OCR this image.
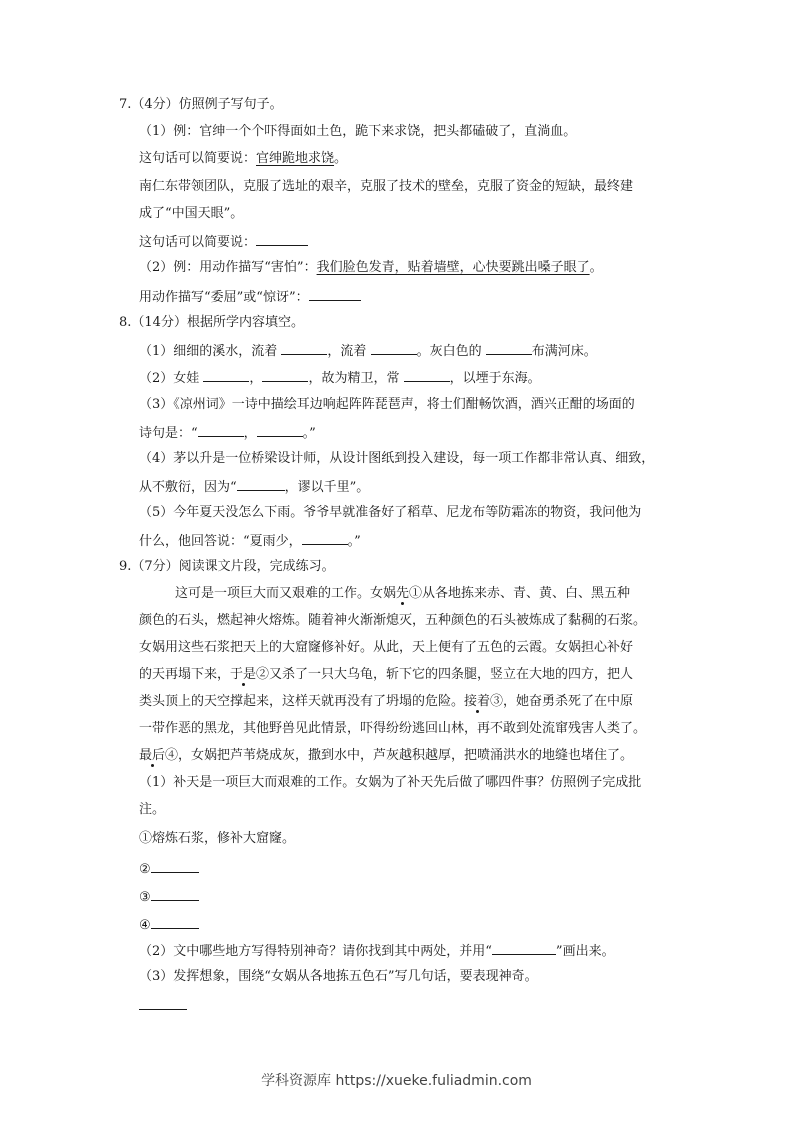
7.（4分）仿照例子写句子。
（1）例：官绅一个个吓得面如土色，跪下来求饶，把头都磕破了，直淌血。
这句话可以简要说：官绅跪地求饶。
南仁东带领团队，克服了选址的艰辛，克服了技术的壁垒，克服了资金的短缺，最终建
成了“中国天眼”。
这句话可以简要说：
（2）例：用动作描写“害怕”：我们脸色发青，贴着墙壁，心快要跳出嗓子眼了。
用动作描写“委屈”或“惊讶”：
8.（14分）根据所学内容填空。
（1）细细的溪水，流着	，流着	。灰白色的	布满河床。
（2）女娃	，	，故为精卫，常	，以堙于东海。
（3）《凉州词》一诗中描绘耳边响起阵阵琵琶声，将士们酣畅饮酒，酒兴正酣的场面的
诗句是：“	，	。”
（4）茅以升是一位桥梁设计师，从设计图纸到投入建设，每一项工作都非常认真、细致，
从不敷衍，因为“	，谬以千里”。
（5）今年夏天没怎么下雨。爷爷早就准备好了稻草、尼龙布等防霜冻的物资，我问他为
什么，他回答说：“夏雨少，	。”
9.（7分）阅读课文片段，完成练习。
这可是一项巨大而又艰难的工作。女娲先①从各地拣来赤、青、黄、白、黑五种
颜色的石头，燃起神火熔炼。随着神火渐渐熄灭，五种颜色的石头被炼成了黏稠的石浆。
女娲用这些石浆把天上的大窟窿修补好。从此，天上便有了五色的云霞。女娲担心补好
的天再塌下来，于是②又杀了一只大乌龟，斩下它的四条腿，竖立在大地的四方，把人
类头顶上的天空撑起来，这样天就再没有了坍塌的危险。接着③，她奋勇杀死了在中原
一带作恶的黑龙，其他野兽见此情景，吓得纷纷逃回山林，再不敢到处流窜残害人类了。
最后④，女娲把芦苇烧成灰，撒到水中，芦灰越积越厚，把喷涌洪水的地缝也堵住了。
（1）补天是一项巨大而艰难的工作。女娲为了补天先后做了哪四件事？仿照例子完成批
注。
①熔炼石浆，修补大窟窿。
②
③
④
（2）文中哪些地方写得特别神奇？请你找到其中两处，并用“	”画出来。
（3）发挥想象，围绕“女娲从各地拣五色石”写几句话，要表现神奇。
学科资源库 https://xueke.fuliadmin.com
